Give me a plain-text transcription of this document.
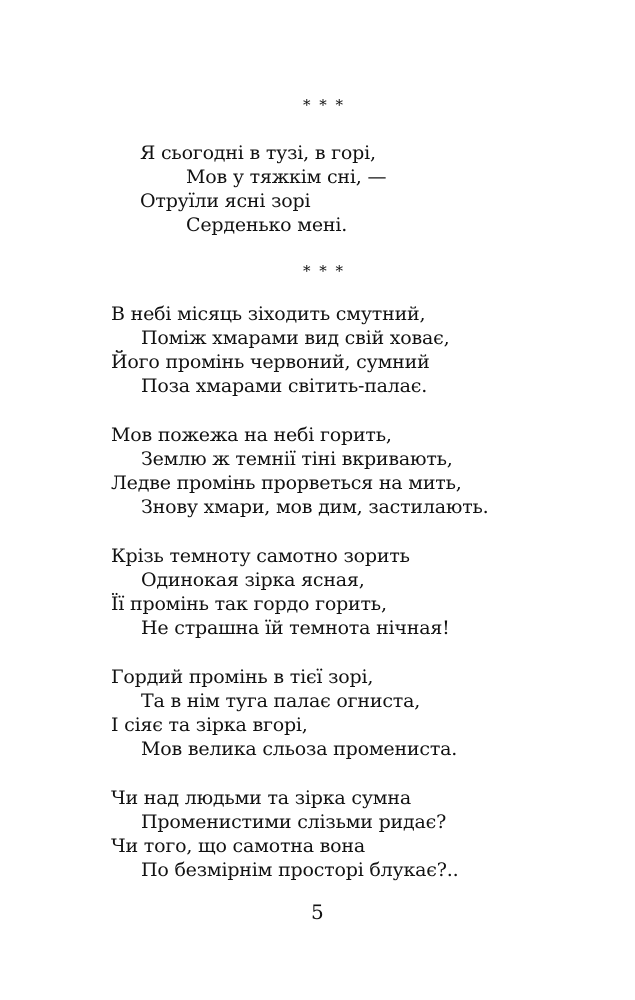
* * *
Я сьогодні в тузі, в горі,
Мов у тяжкім сні, —
Отруїли ясні зорі
Серденько мені.
* * *
В небі місяць зіходить смутний,
Поміж хмарами вид свій ховає,
Його промінь червоний, сумний
Поза хмарами світить-палає.
Мов пожежа на небі горить,
Землю ж темнії тіні вкривають,
Ледве промінь прорветься на мить,
Знову хмари, мов дим, застилають.
Крізь темноту самотно зорить
Одинокая зірка ясная,
Її промінь так гордо горить,
Не страшна їй темнота нічная!
Гордий промінь в тієї зорі,
Та в нім туга палає огниста,
І сіяє та зірка вгорі,
Мов велика сльоза промениста.
Чи над людьми та зірка сумна
Променистими слізьми ридає?
Чи того, що самотна вона
По безмірнім просторі блукає?..
5
